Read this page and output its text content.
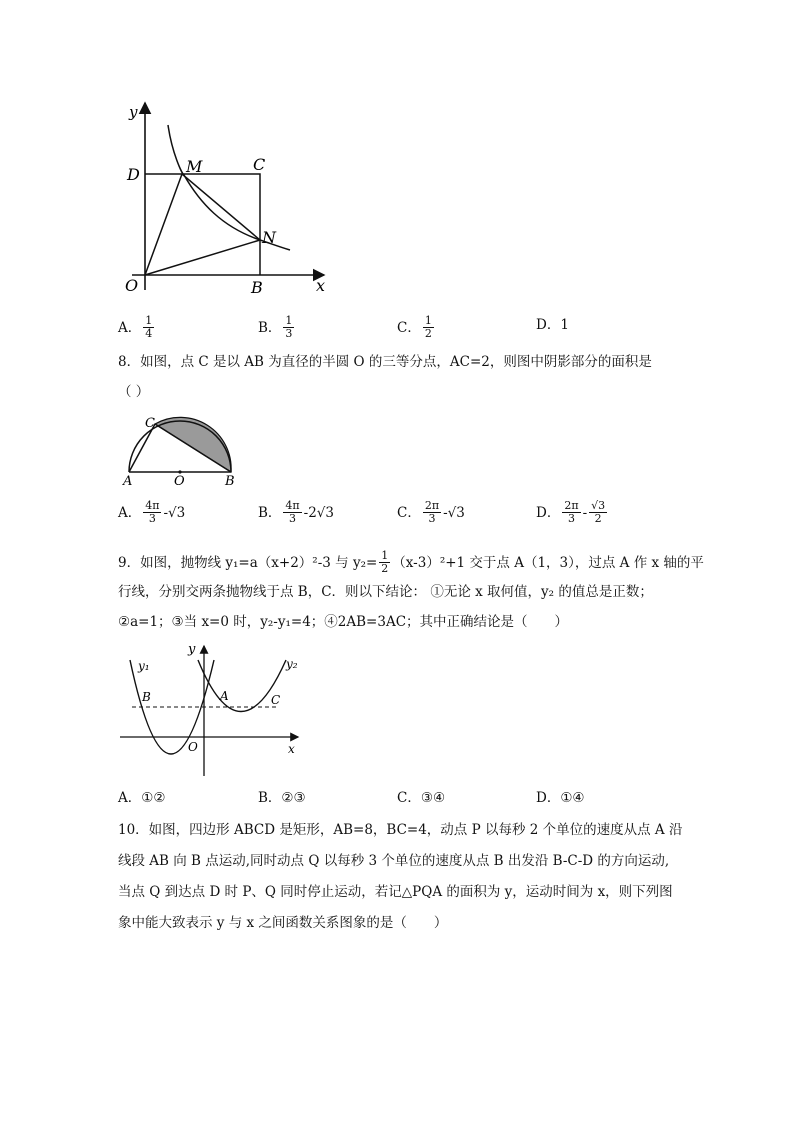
y
D	M	C
N
O	B	x
A． $\frac{1}{4}$	B． $\frac{1}{3}$	C． $\frac{1}{2}$	D． 1
8．如图，点 C 是以 AB 为直径的半圆 O 的三等分点，AC=2，则图中阴影部分的面积是
（ ）
C
A	O	B
A． $\frac{4\pi}{3} -√3$	B． $\frac{4\pi}{3} -2√3$	C． $\frac{2\pi}{3} -√3$	D． $\frac{2\pi}{3} - \frac{√3}{2}$
9．如图，抛物线 y₁=a（x+2）²-3 与 $y_2= \frac{1}{2} (x-3)^2+1$ 交于点 A（1，3），过点 A 作 x 轴的平
行线，分别交两条抛物线于点 B，C．则以下结论： ①无论 x 取何值，y₂ 的值总是正数；
②a=1；③当 x=0 时，y₂-y₁=4；④2AB=3AC；其中正确结论是（　　）
y₁
y
y₂
B	A	C
O	x
A． ①②	B． ②③	C． ③④	D． ①④
10．如图，四边形 ABCD 是矩形，AB=8，BC=4，动点 P 以每秒 2 个单位的速度从点 A 沿
线段 AB 向 B 点运动,同时动点 Q 以每秒 3 个单位的速度从点 B 出发沿 B-C-D 的方向运动,
当点 Q 到达点 D 时 P、Q 同时停止运动，若记△PQA 的面积为 y，运动时间为 x，则下列图
象中能大致表示 y 与 x 之间函数关系图象的是（　　）
